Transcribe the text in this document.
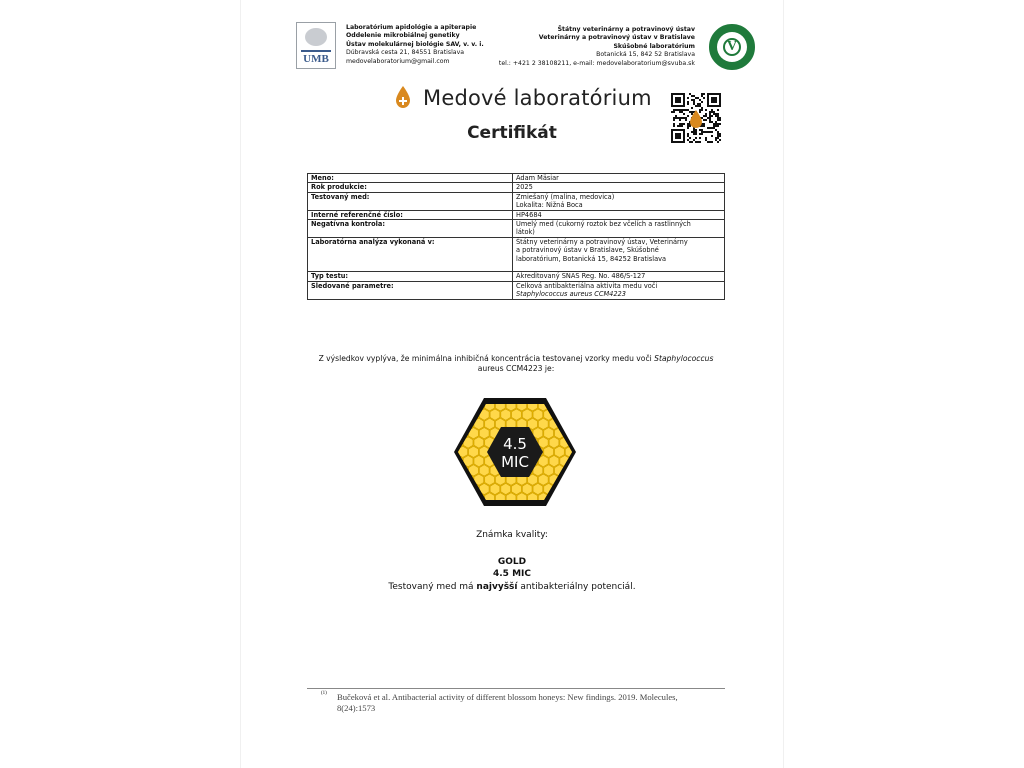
UMB
Laboratórium apidológie a apiterapie
Oddelenie mikrobiálnej genetiky
Ústav molekulárnej biológie SAV, v. v. i.
Dúbravská cesta 21, 84551 Bratislava
medovelaboratorium@gmail.com
Štátny veterinárny a potravinový ústav
Veterinárny a potravinový ústav v Bratislave
Skúšobné laboratórium
Botanická 15, 842 52 Bratislava
tel.: +421 2 38108211, e-mail: medovelaboratorium@svuba.sk
V
Medové laboratórium
Certifikát
Meno:	Adam Mäsiar

Rok produkcie:	2025

Testovaný med:	Zmiešaný (malina, medovica)
Lokalita: Nižná Boca

Interné referenčné číslo:	HP4684

Negatívna kontrola:	Umelý med (cukorný roztok bez včelích a rastlinných
látok)

Laboratórna analýza vykonaná v:	Štátny veterinárny a potravinový ústav, Veterinárny
a potravinový ústav v Bratislave, Skúšobné
laboratórium, Botanická 15, 84252 Bratislava

Typ testu:	Akreditovaný SNAS Reg. No. 486/S-127

Sledované parametre:	Celková antibakteriálna aktivita medu voči
Staphylococcus aureus CCM4223
Z výsledkov vyplýva, že minimálna inhibičná koncentrácia testovanej vzorky medu voči Staphylococcus
aureus CCM4223 je:
4.5
MIC
Známka kvality:
GOLD
4.5 MIC
Testovaný med má najvyšší antibakteriálny potenciál.
(1) Bučeková et al. Antibacterial activity of different blossom honeys: New findings. 2019. Molecules, 8(24):1573
